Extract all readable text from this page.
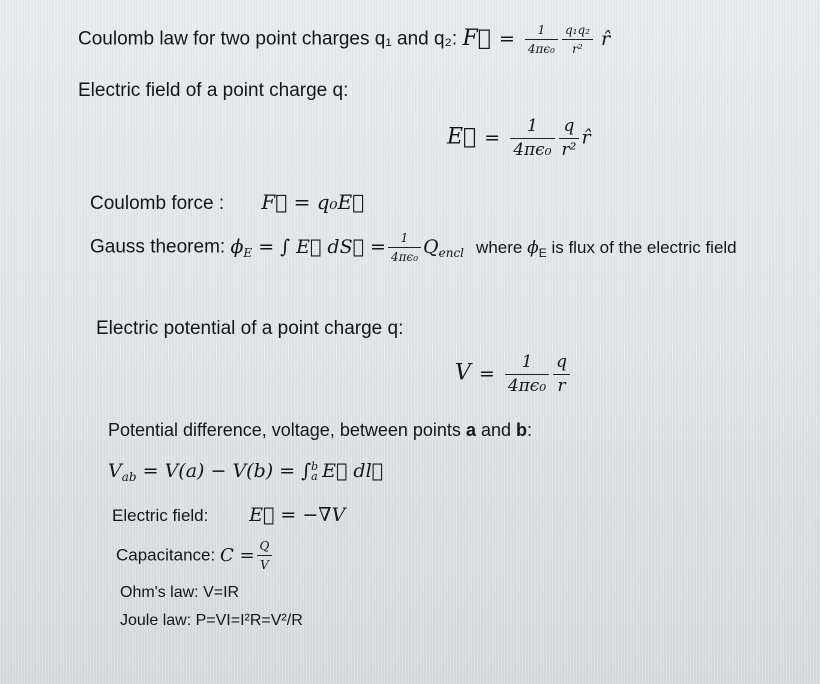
Coulomb law for two point charges q₁ and q₂: F⃗ = $\frac{1}{\text{4πϵ₀}} \frac{\text{q₁q₂}}{\text{r²}}$ r̂
Electric field of a point charge q:
E⃗ = $\frac{1}{\text{4πϵ₀}} \frac{q}{\text{r²}}$ r̂
Coulomb force : F⃗ = q₀E⃗
Gauss theorem: $\phi_E$ = ∫ E⃗ dS⃗ = $\frac{1}{\text{4πϵ₀}} Q_{encl}$ where $\phi_E$ is flux of the electric field
Electric potential of a point charge q:
$V = \frac{1}{\text{4πϵ₀}} \frac{q}{r}$
Potential difference, voltage, between points a and b:
$V_{ab} = V(a) - V(b)$ = ∫ b
a E⃗ dl⃗
Electric field: E⃗ = −∇V
Capacitance: $C = \frac{Q}{V}$
Ohm's law: V=IR
Joule law: P=VI=I²R=V²/R
